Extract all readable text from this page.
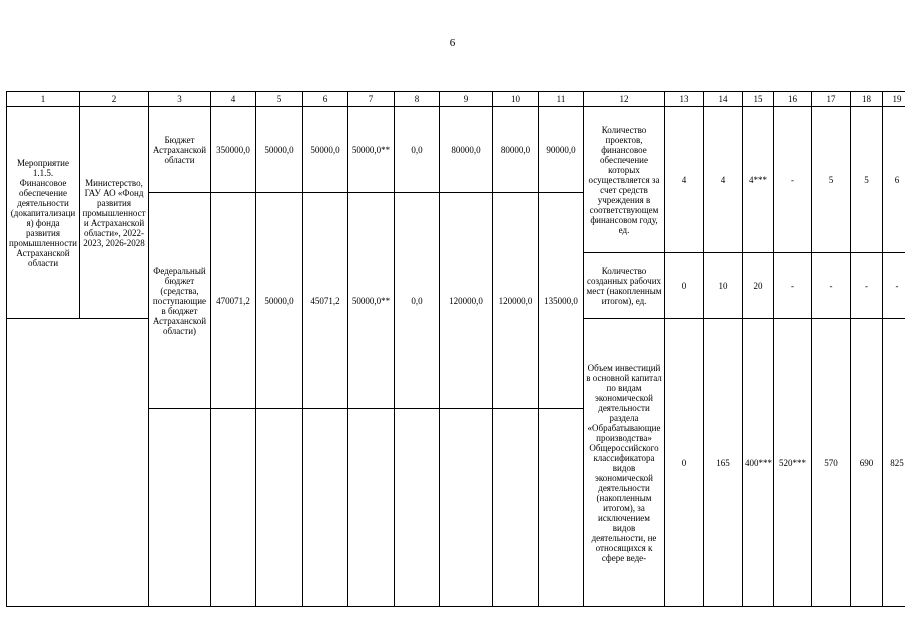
6
1	2	3	4	5	6	7	8	9	10	11	12	13	14	15	16	17	18	19
Мероприятие 1.1.5. Финансовое обеспечение деятельности (докапитализация) фонда развития промышленности Астраханской области	Министерство, ГАУ АО «Фонд развития промышленности Астраханской области», 2022-2023, 2026-2028	Бюджет Астраханской области	350000,0	50000,0	50000,0	50000,0**	0,0	80000,0	80000,0	90000,0	Количество проектов, финансовое обеспечение которых осуществляется за счет средств учреждения в соответствующем финансовом году, ед.	4	4	4***	-	5	5	6
		Федеральный бюджет (средства, поступающие в бюджет Астраханской области)	470071,2	50000,0	45071,2	50000,0**	0,0	120000,0	120000,0	135000,0								
											Количество созданных рабочих мест (накопленным итогом), ед.	0	10	20	-	-	-	-
											Объем инвестиций в основной капитал по видам экономической деятельности раздела «Обрабатывающие производства» Общероссийского классификатора видов экономической деятельности (накопленным итогом), за исключением видов деятельности, не относящихся к сфере веде-	0	165	400***	520***	570	690	825
